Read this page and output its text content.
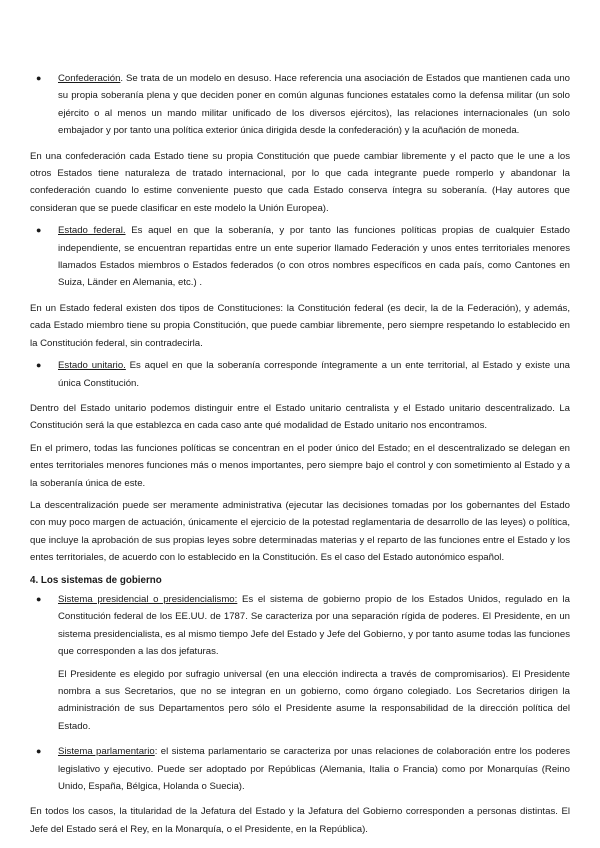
● Confederación. Se trata de un modelo en desuso. Hace referencia una asociación de Estados que mantienen cada uno su propia soberanía plena y que deciden poner en común algunas funciones estatales como la defensa militar (un solo ejército o al menos un mando militar unificado de los diversos ejércitos), las relaciones internacionales (un solo embajador y por tanto una política exterior única dirigida desde la confederación) y la acuñación de moneda.

En una confederación cada Estado tiene su propia Constitución que puede cambiar libremente y el pacto que le une a los otros Estados tiene naturaleza de tratado internacional, por lo que cada integrante puede romperlo y abandonar la confederación cuando lo estime conveniente puesto que cada Estado conserva íntegra su soberanía. (Hay autores que consideran que se puede clasificar en este modelo la Unión Europea).

● Estado federal. Es aquel en que la soberanía, y por tanto las funciones políticas propias de cualquier Estado independiente, se encuentran repartidas entre un ente superior llamado Federación y unos entes territoriales menores llamados Estados miembros o Estados federados (o con otros nombres específicos en cada país, como Cantones en Suiza, Länder en Alemania, etc.) .

En un Estado federal existen dos tipos de Constituciones: la Constitución federal (es decir, la de la Federación), y además, cada Estado miembro tiene su propia Constitución, que puede cambiar libremente, pero siempre respetando lo establecido en la Constitución federal, sin contradecirla.

● Estado unitario. Es aquel en que la soberanía corresponde íntegramente a un ente territorial, al Estado y existe una única Constitución.

Dentro del Estado unitario podemos distinguir entre el Estado unitario centralista y el Estado unitario descentralizado. La Constitución será la que establezca en cada caso ante qué modalidad de Estado unitario nos encontramos.

En el primero, todas las funciones políticas se concentran en el poder único del Estado; en el descentralizado se delegan en entes territoriales menores funciones más o menos importantes, pero siempre bajo el control y con sometimiento al Estado y a la soberanía única de este.

La descentralización puede ser meramente administrativa (ejecutar las decisiones tomadas por los gobernantes del Estado con muy poco margen de actuación, únicamente el ejercicio de la potestad reglamentaria de desarrollo de las leyes) o política, que incluye la aprobación de sus propias leyes sobre determinadas materias y el reparto de las funciones entre el Estado y los entes territoriales, de acuerdo con lo establecido en la Constitución. Es el caso del Estado autonómico español.

4. Los sistemas de gobierno

● Sistema presidencial o presidencialismo: Es el sistema de gobierno propio de los Estados Unidos, regulado en la Constitución federal de los EE.UU. de 1787. Se caracteriza por una separación rígida de poderes. El Presidente, en un sistema presidencialista, es al mismo tiempo Jefe del Estado y Jefe del Gobierno, y por tanto asume todas las funciones que corresponden a las dos jefaturas.

El Presidente es elegido por sufragio universal (en una elección indirecta a través de compromisarios). El Presidente nombra a sus Secretarios, que no se integran en un gobierno, como órgano colegiado. Los Secretarios dirigen la administración de sus Departamentos pero sólo el Presidente asume la responsabilidad de la dirección política del Estado.

● Sistema parlamentario: el sistema parlamentario se caracteriza por unas relaciones de colaboración entre los poderes legislativo y ejecutivo. Puede ser adoptado por Repúblicas (Alemania, Italia o Francia) como por Monarquías (Reino Unido, España, Bélgica, Holanda o Suecia).

En todos los casos, la titularidad de la Jefatura del Estado y la Jefatura del Gobierno corresponden a personas distintas. El Jefe del Estado será el Rey, en la Monarquía, o el Presidente, en la República).
